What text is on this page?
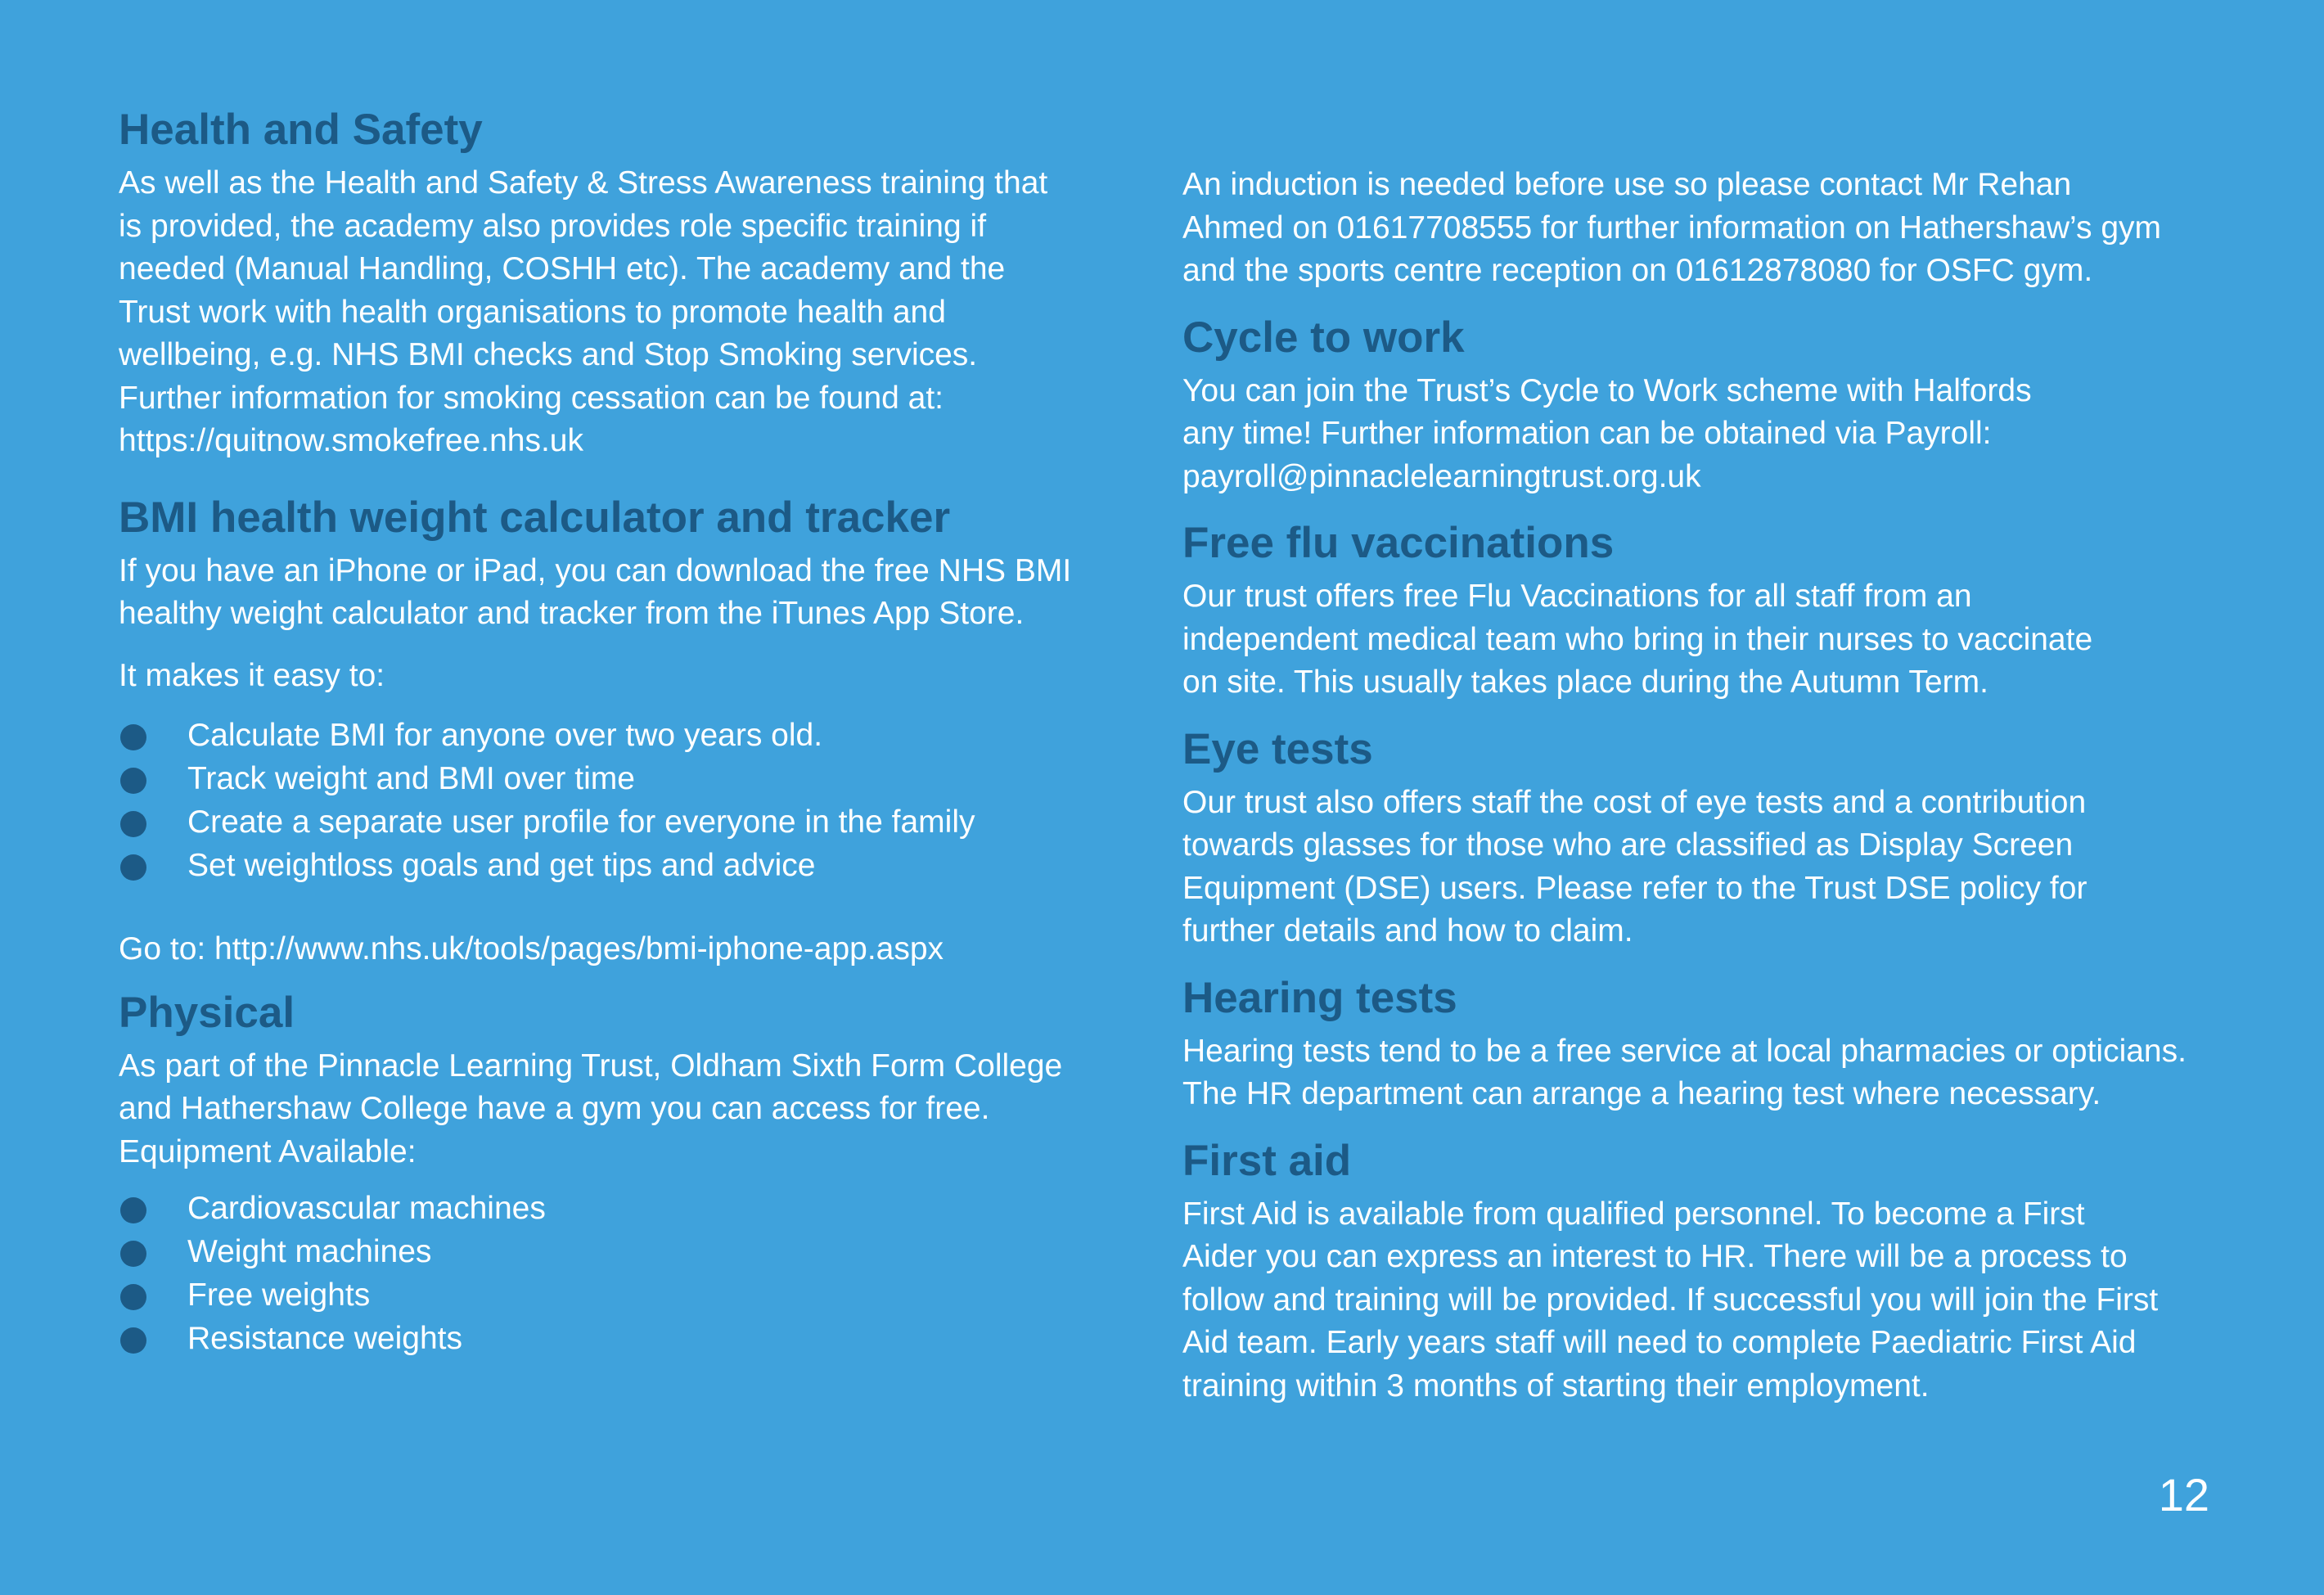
Health and Safety

As well as the Health and Safety & Stress Awareness training that
is provided, the academy also provides role specific training if
needed (Manual Handling, COSHH etc). The academy and the
Trust work with health organisations to promote health and
wellbeing, e.g. NHS BMI checks and Stop Smoking services.
Further information for smoking cessation can be found at:
https://quitnow.smokefree.nhs.uk

BMI health weight calculator and tracker

If you have an iPhone or iPad, you can download the free NHS BMI
healthy weight calculator and tracker from the iTunes App Store.

It makes it easy to:

Calculate BMI for anyone over two years old.
Track weight and BMI over time
Create a separate user profile for everyone in the family
Set weightloss goals and get tips and advice

Go to: http://www.nhs.uk/tools/pages/bmi-iphone-app.aspx

Physical

As part of the Pinnacle Learning Trust, Oldham Sixth Form College
and Hathershaw College have a gym you can access for free.
Equipment Available:

Cardiovascular machines
Weight machines
Free weights
Resistance weights

An induction is needed before use so please contact Mr Rehan
Ahmed on 01617708555 for further information on Hathershaw’s gym
and the sports centre reception on 01612878080 for OSFC gym.

Cycle to work

You can join the Trust’s Cycle to Work scheme with Halfords
any time! Further information can be obtained via Payroll:
payroll@pinnaclelearningtrust.org.uk

Free flu vaccinations

Our trust offers free Flu Vaccinations for all staff from an
independent medical team who bring in their nurses to vaccinate
on site. This usually takes place during the Autumn Term.

Eye tests

Our trust also offers staff the cost of eye tests and a contribution
towards glasses for those who are classified as Display Screen
Equipment (DSE) users. Please refer to the Trust DSE policy for
further details and how to claim.

Hearing tests

Hearing tests tend to be a free service at local pharmacies or opticians.
The HR department can arrange a hearing test where necessary.

First aid

First Aid is available from qualified personnel. To become a First
Aider you can express an interest to HR. There will be a process to
follow and training will be provided. If successful you will join the First
Aid team. Early years staff will need to complete Paediatric First Aid
training within 3 months of starting their employment.

12
